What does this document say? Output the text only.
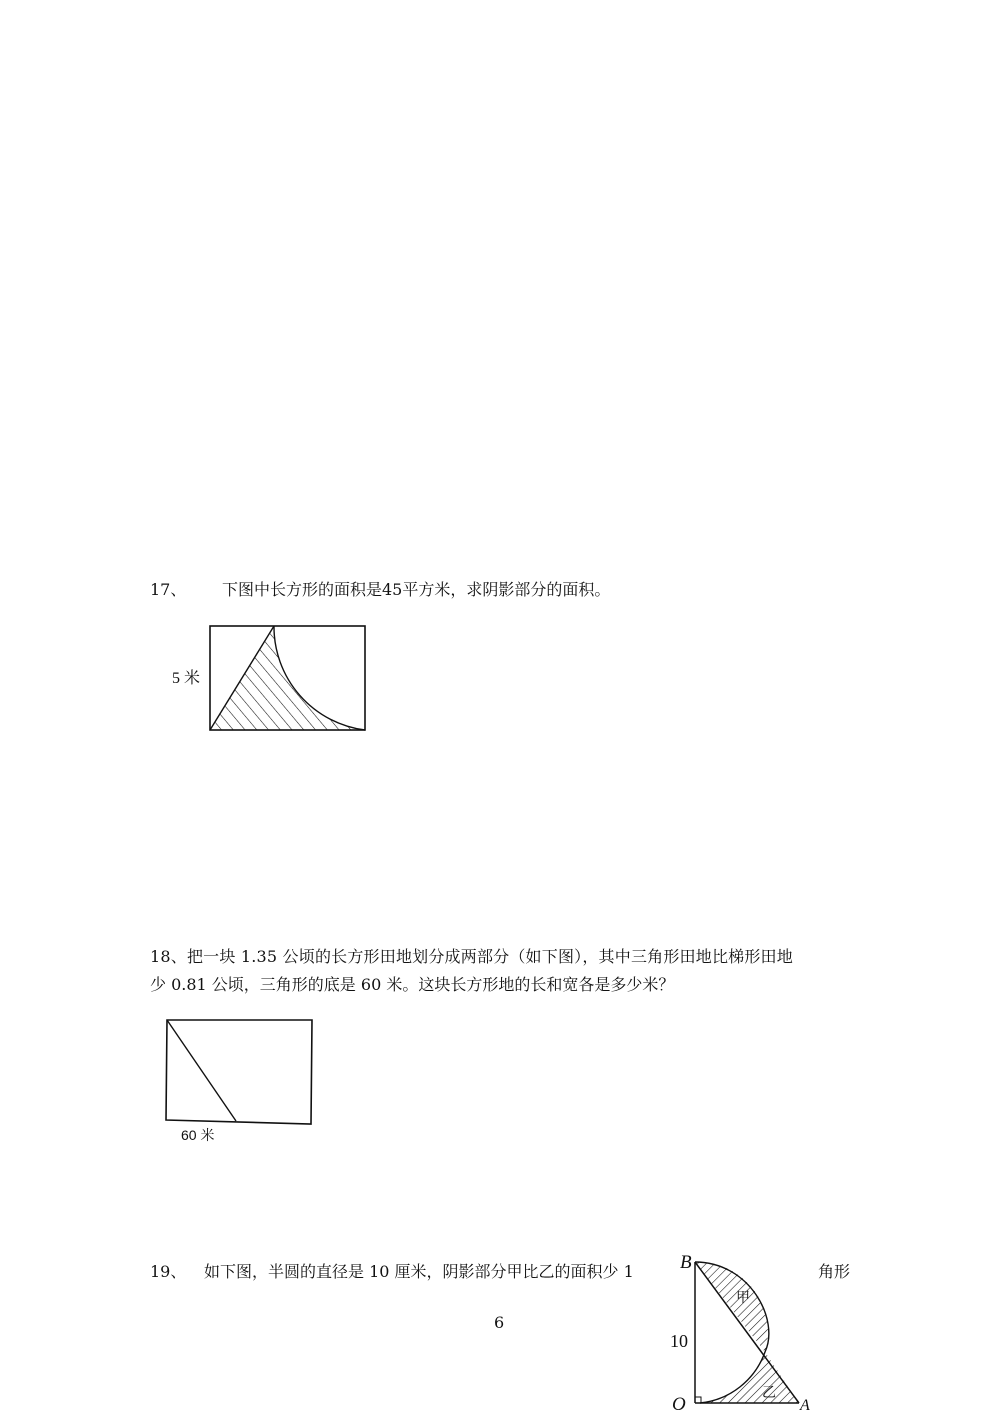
17、 下图中长方形的面积是45平方米，求阴影部分的面积。
5 米
18、把一块 1.35 公顷的长方形田地划分成两部分（如下图），其中三角形田地比梯形田地
少 0.81 公顷，三角形的底是 60 米。这块长方形地的长和宽各是多少米？
60 米
19、 如下图，半圆的直径是 10 厘米，阴影部分甲比乙的面积少 1	角形
6
B
O	A
10
甲
乙
